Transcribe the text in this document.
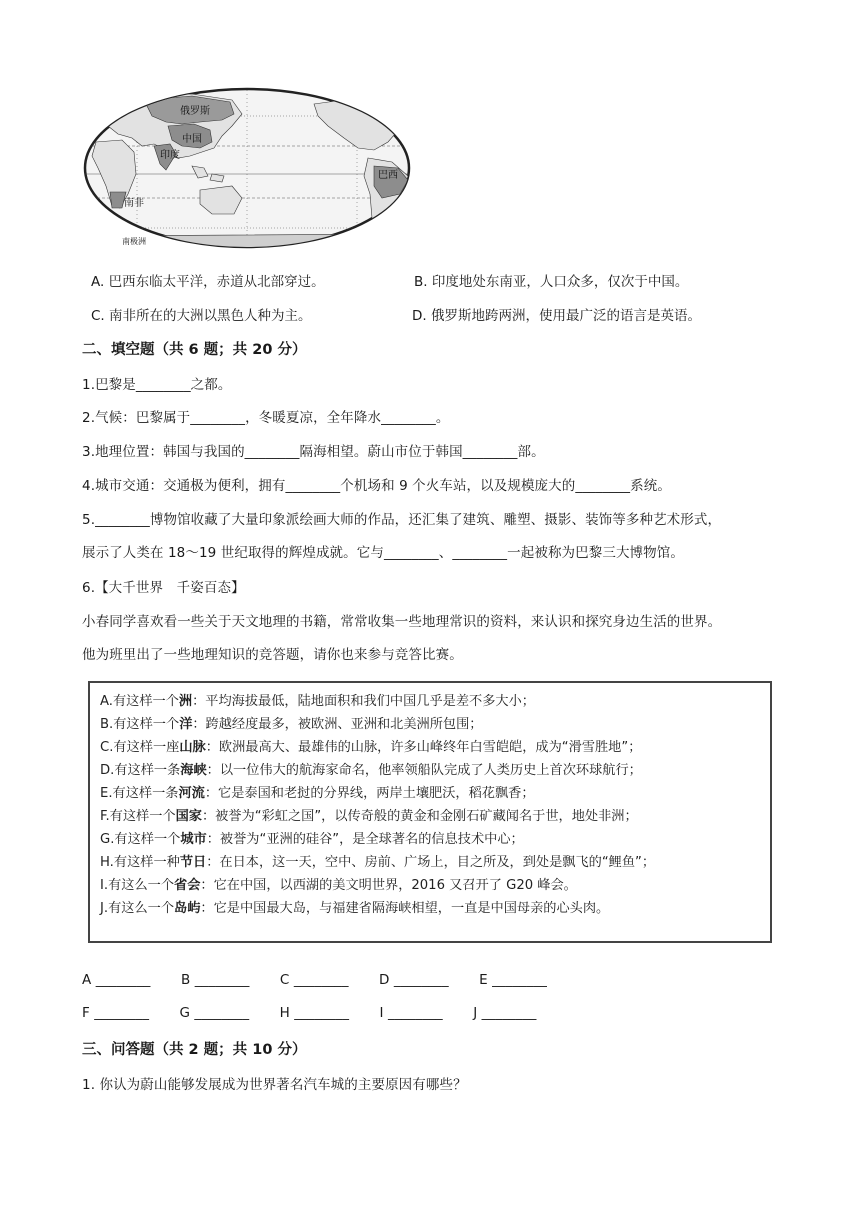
俄罗斯
中国
印度
南非
巴西
南极洲
A. 巴西东临太平洋，赤道从北部穿过。	B. 印度地处东南亚，人口众多，仅次于中国。
C. 南非所在的大洲以黑色人种为主。	D. 俄罗斯地跨两洲，使用最广泛的语言是英语。
二、填空题（共 6 题；共 20 分）
1.巴黎是________之都。
2.气候：巴黎属于________，冬暖夏凉，全年降水________。
3.地理位置：韩国与我国的________隔海相望。蔚山市位于韩国________部。
4.城市交通：交通极为便利，拥有________个机场和 9 个火车站，以及规模庞大的________系统。
5.________博物馆收藏了大量印象派绘画大师的作品，还汇集了建筑、雕塑、摄影、装饰等多种艺术形式，
展示了人类在 18～19 世纪取得的辉煌成就。它与________、________一起被称为巴黎三大博物馆。
6.【大千世界　千姿百态】
小春同学喜欢看一些关于天文地理的书籍，常常收集一些地理常识的资料，来认识和探究身边生活的世界。
他为班里出了一些地理知识的竞答题，请你也来参与竞答比赛。
A.有这样一个洲：平均海拔最低，陆地面积和我们中国几乎是差不多大小；
B.有这样一个洋：跨越经度最多，被欧洲、亚洲和北美洲所包围；
C.有这样一座山脉：欧洲最高大、最雄伟的山脉，许多山峰终年白雪皑皑，成为“滑雪胜地”；
D.有这样一条海峡：以一位伟大的航海家命名，他率领船队完成了人类历史上首次环球航行；
E.有这样一条河流：它是泰国和老挝的分界线，两岸土壤肥沃，稻花飘香；
F.有这样一个国家：被誉为“彩虹之国”，以传奇般的黄金和金刚石矿藏闻名于世，地处非洲；
G.有这样一个城市：被誉为“亚洲的硅谷”，是全球著名的信息技术中心；
H.有这样一种节日：在日本，这一天，空中、房前、广场上，目之所及，到处是飘飞的“鲤鱼”；
I.有这么一个省会：它在中国，以西湖的美文明世界，2016 又召开了 G20 峰会。
J.有这么一个岛屿：它是中国最大岛，与福建省隔海峡相望，一直是中国母亲的心头肉。
A ________ B ________ C ________ D ________ E ________
F ________ G ________ H ________ I ________ J ________
三、问答题（共 2 题；共 10 分）
1. 你认为蔚山能够发展成为世界著名汽车城的主要原因有哪些？
